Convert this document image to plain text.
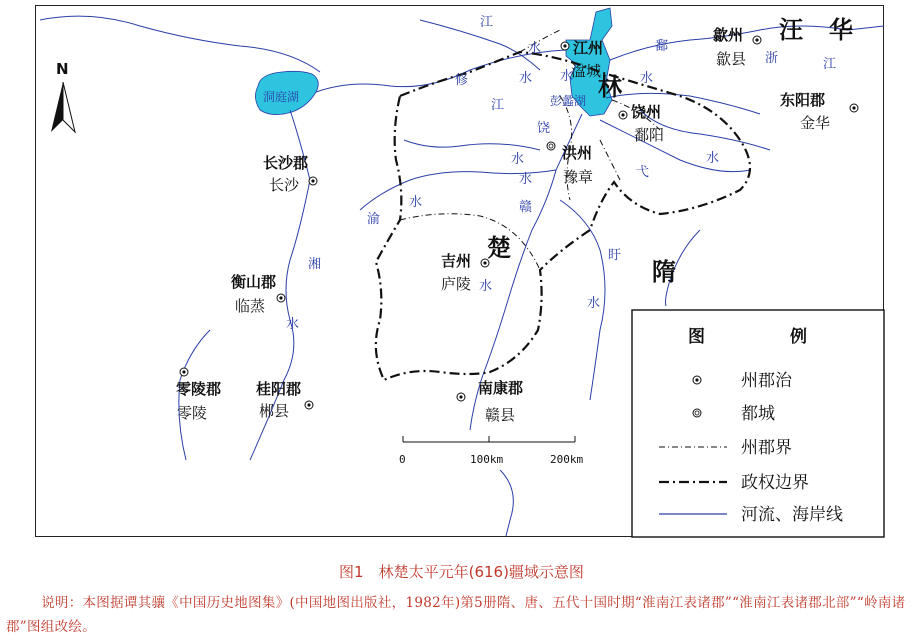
N
林
楚
隋
汪 华
江州
湓城
歙州
歙县
饶州
鄱阳
东阳郡
金华
洪州
豫章
长沙郡
长沙
吉州
庐陵
衡山郡
临蒸
零陵郡
零陵
桂阳郡
郴县
南康郡
赣县
洞庭湖	彭蠡湖
江
水
修	水
江
饶
水
鄱
水
浙	江
弋
水
盱
水
赣
水
湘
水
渝
水
水
水
0	100km	200km
图	例
州郡治
都城
州郡界
政权边界
河流、海岸线
图1　林楚太平元年(616)疆域示意图
说明：本图据谭其骧《中国历史地图集》(中国地图出版社，1982年)第5册隋、唐、五代十国时期“淮南江表诸郡”“淮南江表诸郡北部”“岭南诸郡”图组改绘。
